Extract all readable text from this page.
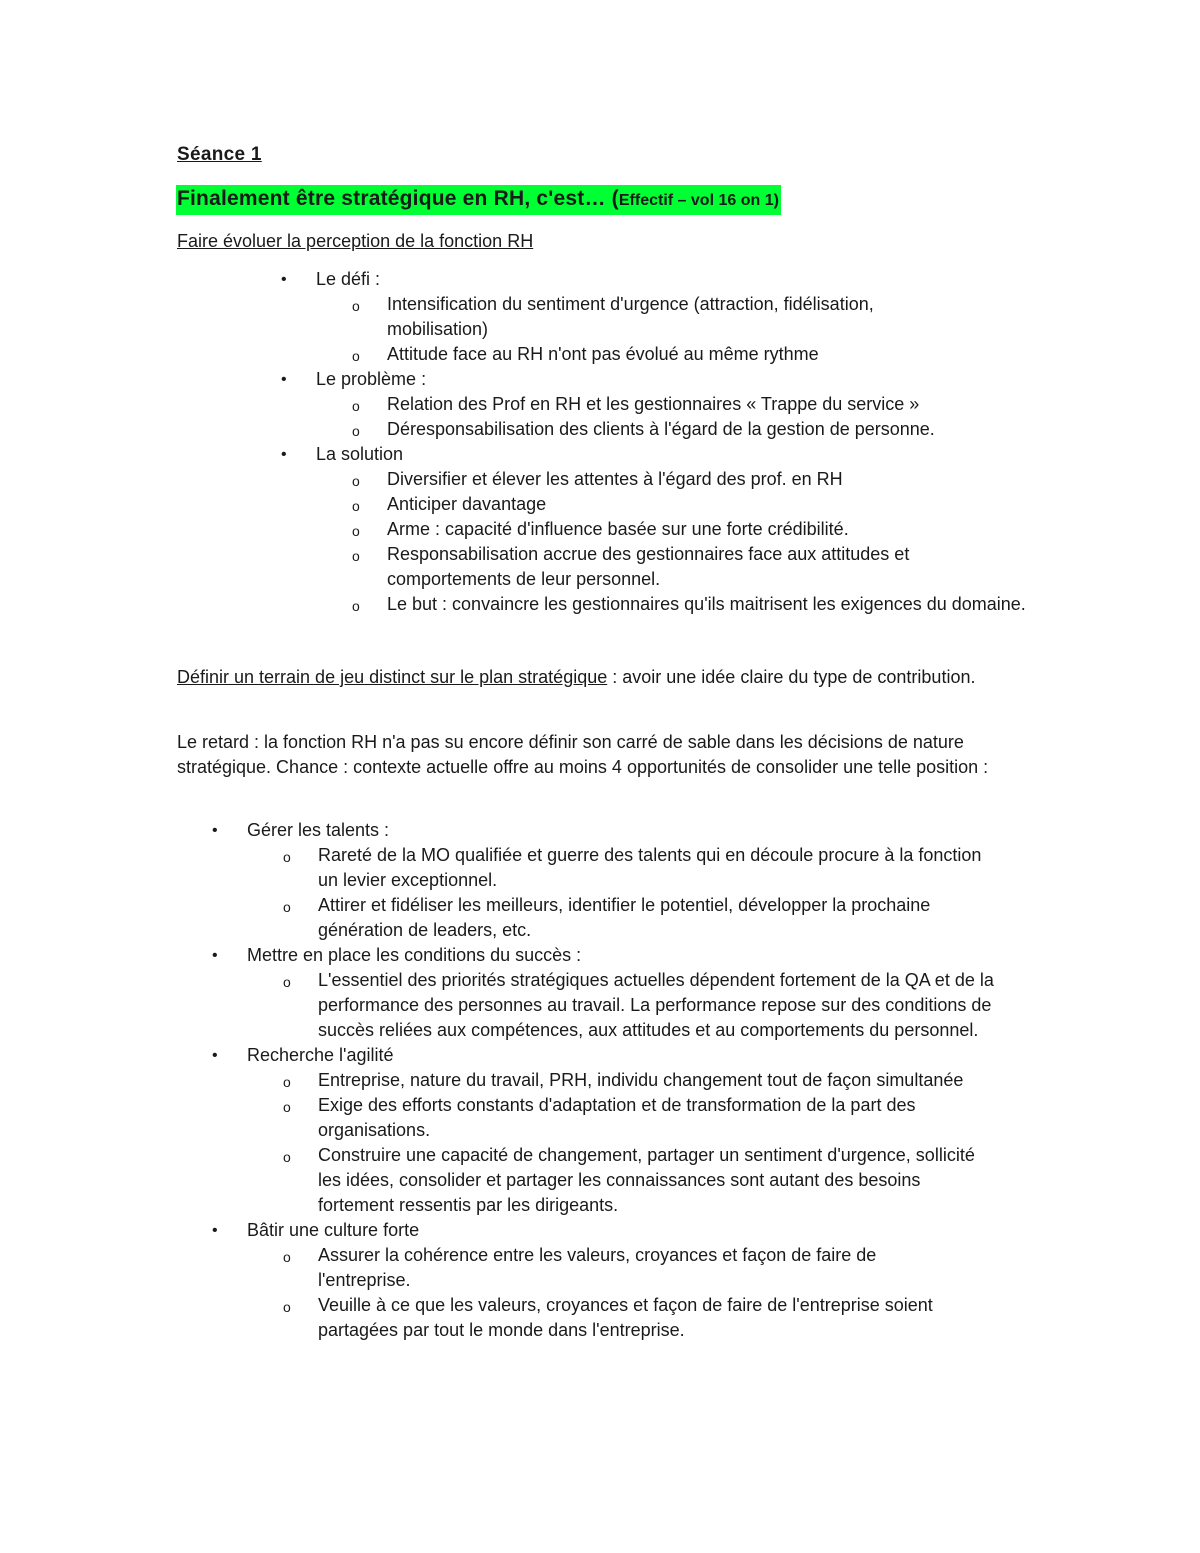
Séance 1
Finalement être stratégique en RH, c'est… (Effectif – vol 16 on 1)
Faire évoluer la perception de la fonction RH
• Le défi :
o Intensification du sentiment d'urgence (attraction, fidélisation, mobilisation)
o Attitude face au RH n'ont pas évolué au même rythme
• Le problème :
o Relation des Prof en RH et les gestionnaires « Trappe du service »
o Déresponsabilisation des clients à l'égard de la gestion de personne.
• La solution
o Diversifier et élever les attentes à l'égard des prof. en RH
o Anticiper davantage
o Arme : capacité d'influence basée sur une forte crédibilité.
o Responsabilisation accrue des gestionnaires face aux attitudes et comportements de leur personnel.
o Le but : convaincre les gestionnaires qu'ils maitrisent les exigences du domaine.
Définir un terrain de jeu distinct sur le plan stratégique : avoir une idée claire du type de contribution.
Le retard : la fonction RH n'a pas su encore définir son carré de sable dans les décisions de nature stratégique. Chance : contexte actuelle offre au moins 4 opportunités de consolider une telle position :
• Gérer les talents :
o Rareté de la MO qualifiée et guerre des talents qui en découle procure à la fonction un levier exceptionnel.
o Attirer et fidéliser les meilleurs, identifier le potentiel, développer la prochaine génération de leaders, etc.
• Mettre en place les conditions du succès :
o L'essentiel des priorités stratégiques actuelles dépendent fortement de la QA et de la performance des personnes au travail. La performance repose sur des conditions de succès reliées aux compétences, aux attitudes et au comportements du personnel.
• Recherche l'agilité
o Entreprise, nature du travail, PRH, individu changement tout de façon simultanée
o Exige des efforts constants d'adaptation et de transformation de la part des organisations.
o Construire une capacité de changement, partager un sentiment d'urgence, sollicité les idées, consolider et partager les connaissances sont autant des besoins fortement ressentis par les dirigeants.
• Bâtir une culture forte
o Assurer la cohérence entre les valeurs, croyances et façon de faire de l'entreprise.
o Veuille à ce que les valeurs, croyances et façon de faire de l'entreprise soient partagées par tout le monde dans l'entreprise.
